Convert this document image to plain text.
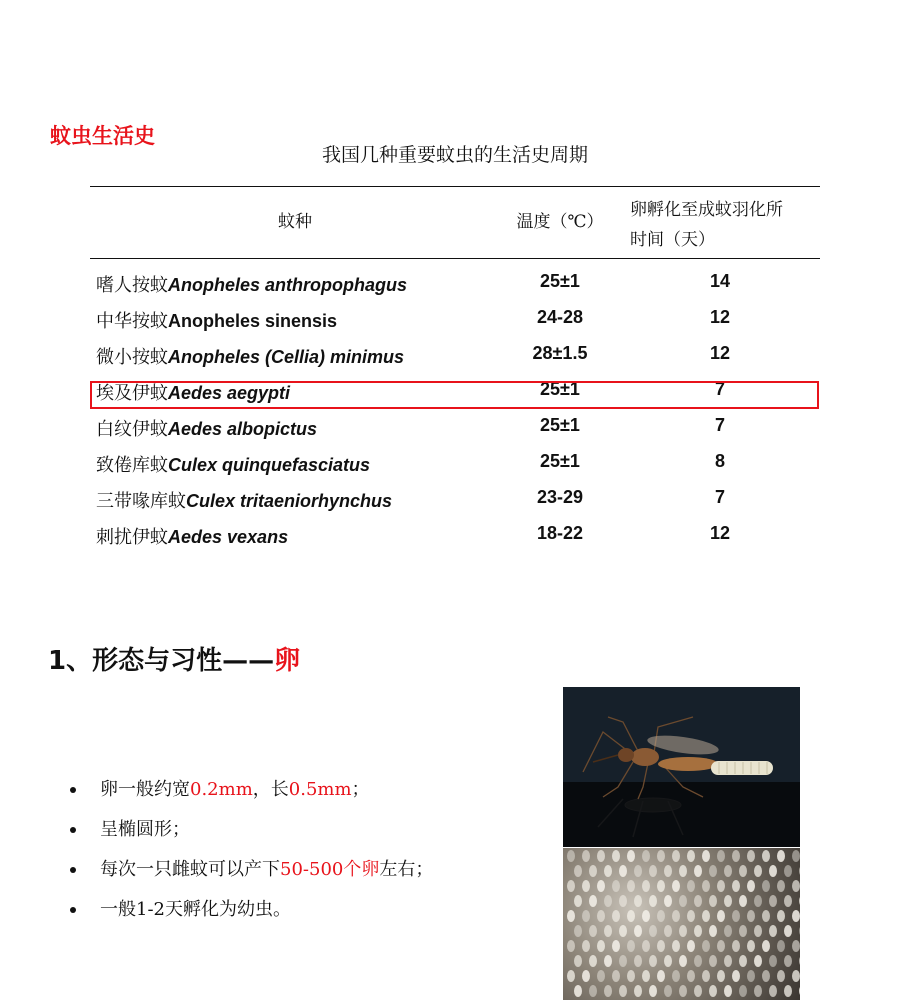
蚊虫生活史
我国几种重要蚊虫的生活史周期
蚊种	温度（℃）
卵孵化至成蚊羽化所
时间（天）
嗜人按蚊Anopheles anthropophagus	25±1	14
中华按蚊Anopheles sinensis	24-28	12
微小按蚊Anopheles (Cellia) minimus	28±1.5	12
埃及伊蚊Aedes aegypti	25±1	7
白纹伊蚊Aedes albopictus	25±1	7
致倦库蚊Culex quinquefasciatus	25±1	8
三带喙库蚊Culex tritaeniorhynchus	23-29	7
刺扰伊蚊Aedes vexans	18-22	12
1、形态与习性——卵
卵一般约宽0.2mm，长0.5mm；
呈椭圆形；
每次一只雌蚊可以产下50-500个卵左右；
一般1-2天孵化为幼虫。
